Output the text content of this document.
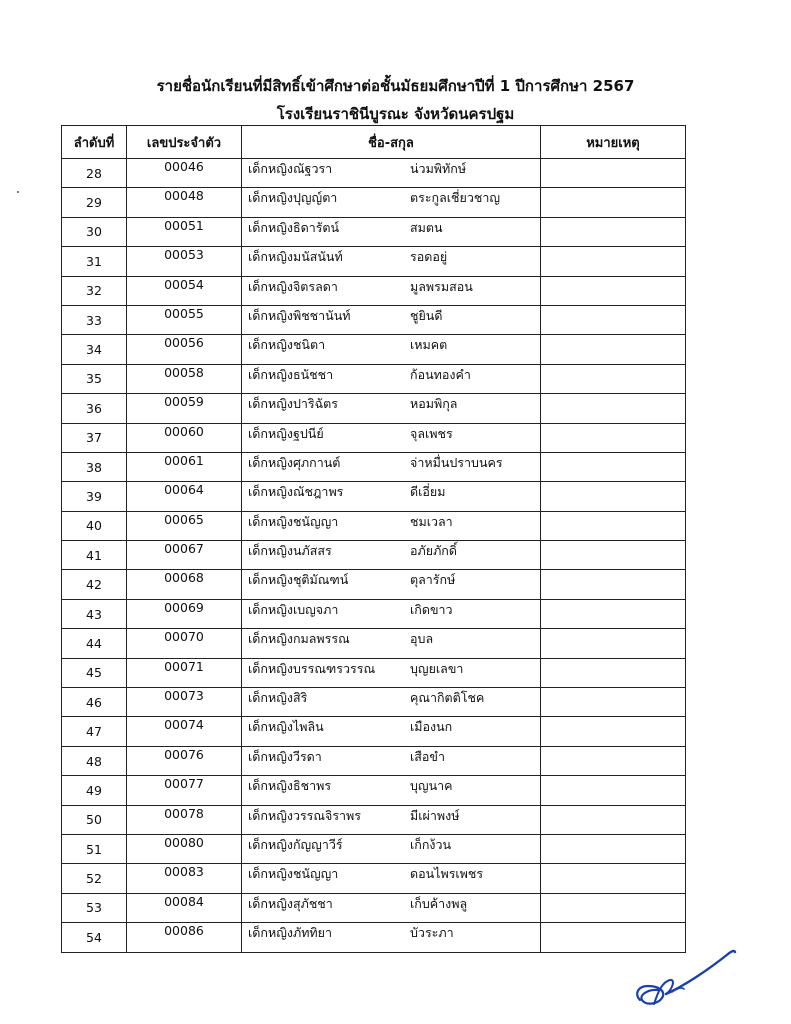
รายชื่อนักเรียนที่มีสิทธิ์เข้าศึกษาต่อชั้นมัธยมศึกษาปีที่ 1 ปีการศึกษา 2567
โรงเรียนราชินีบูรณะ จังหวัดนครปฐม
ลำดับที่	เลขประจำตัว	ชื่อ-สกุล	หมายเหตุ
28	00046	เด็กหญิงณัฐวรา น่วมพิทักษ์	
29	00048	เด็กหญิงปุญญ์ตา ตระกูลเชี่ยวชาญ	
30	00051	เด็กหญิงธิดารัตน์ สมตน	
31	00053	เด็กหญิงมนัสนันท์ รอดอยู่	
32	00054	เด็กหญิงจิตรลดา มูลพรมสอน	
33	00055	เด็กหญิงพิชชานันท์ ชูยินดี	
34	00056	เด็กหญิงชนิตา เหมคต	
35	00058	เด็กหญิงธนัชชา ก้อนทองคำ	
36	00059	เด็กหญิงปาริฉัตร หอมพิกุล	
37	00060	เด็กหญิงฐปนีย์ จุลเพชร	
38	00061	เด็กหญิงศุภกานต์ จ่าหมื่นปราบนคร	
39	00064	เด็กหญิงณัชฎาพร ดีเอี่ยม	
40	00065	เด็กหญิงชนัญญา ชมเวลา	
41	00067	เด็กหญิงนภัสสร อภัยภักดิ์	
42	00068	เด็กหญิงชุติมัณฑน์ ตุลารักษ์	
43	00069	เด็กหญิงเบญจภา เกิดขาว	
44	00070	เด็กหญิงกมลพรรณ อุบล	
45	00071	เด็กหญิงบรรณฑรวรรณ บุญยเลขา	
46	00073	เด็กหญิงสิริ คุณากิตติโชค	
47	00074	เด็กหญิงไพลิน เมืองนก	
48	00076	เด็กหญิงวีรดา เสือขำ	
49	00077	เด็กหญิงธิชาพร บุญนาค	
50	00078	เด็กหญิงวรรณจิราพร มีเผ่าพงษ์	
51	00080	เด็กหญิงกัญญาวีร์ เก็กง้วน	
52	00083	เด็กหญิงชนัญญา ดอนไพรเพชร	
53	00084	เด็กหญิงสุภัชชา เก็บค้างพลู	
54	00086	เด็กหญิงภัททิยา บัวระภา	
